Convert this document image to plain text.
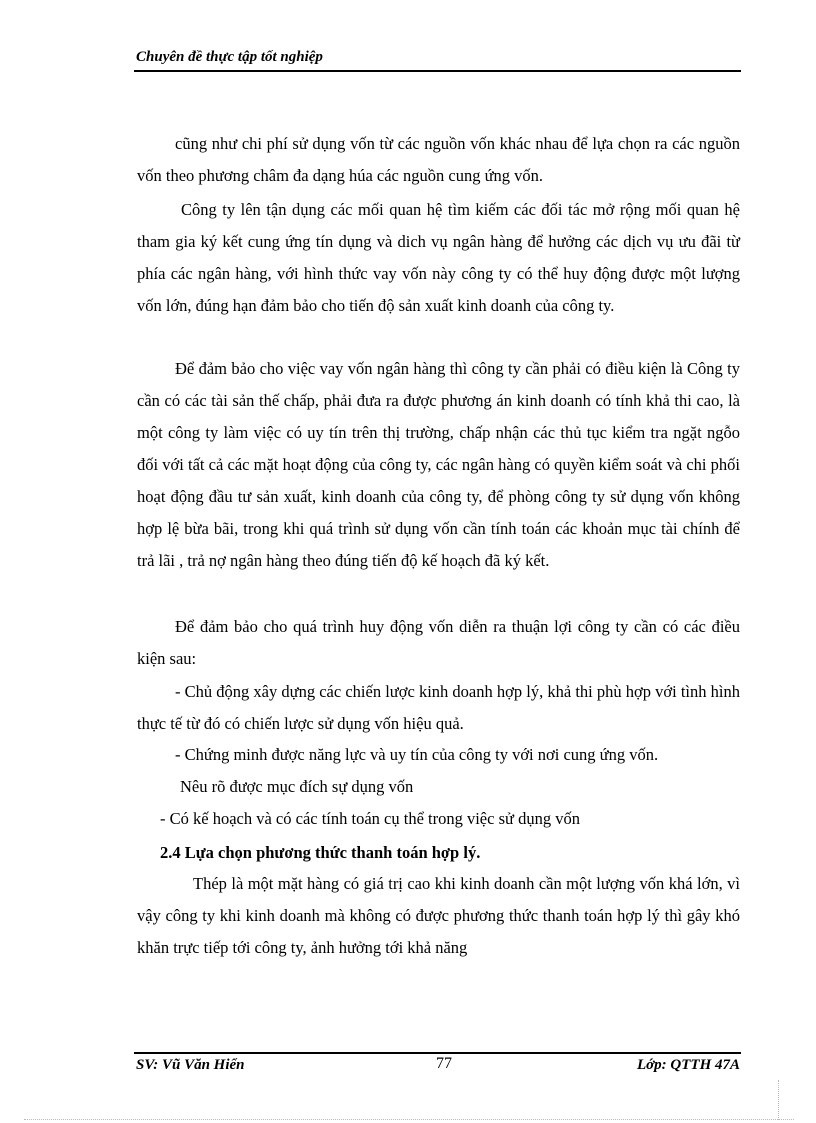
Chuyên đề thực tập tốt nghiệp

cũng như chi phí sử dụng vốn từ các nguồn vốn khác nhau để lựa chọn ra các nguồn vốn theo phương châm đa dạng húa các nguồn cung ứng vốn.

Công ty lên tận dụng các mối quan hệ tìm kiếm các đối tác mở rộng mối quan hệ tham gia ký kết cung ứng tín dụng và dich vụ ngân hàng để hưởng các dịch vụ ưu đãi từ phía các ngân hàng, với hình thức vay vốn này công ty có thể huy động được một lượng vốn lớn, đúng hạn đảm bảo cho tiến độ sản xuất kinh doanh của công ty.

Để đảm bảo cho việc vay vốn ngân hàng thì công ty cần phải có điều kiện là Công ty cần có các tài sản thế chấp, phải đưa ra được phương án kinh doanh có tính khả thi cao, là một công ty làm việc có uy tín trên thị trường, chấp nhận các thủ tục kiểm tra ngặt ngỗo đối với tất cả các mặt hoạt động của công ty, các ngân hàng có quyền kiểm soát và chi phối hoạt động đầu tư sản xuất, kinh doanh của công ty, để phòng công ty sử dụng vốn không hợp lệ bừa bãi, trong khi quá trình sử dụng vốn cần tính toán các khoản mục tài chính để trả lãi , trả nợ ngân hàng theo đúng tiến độ kế hoạch đã ký kết.

Để đảm bảo cho quá trình huy động vốn diễn ra thuận lợi công ty cần có các điều kiện sau:

- Chủ động xây dựng các chiến lược kinh doanh hợp lý, khả thi phù hợp với tình hình thực tế từ đó có chiến lược sử dụng vốn hiệu quả.

- Chứng minh được năng lực và uy tín của công ty với nơi cung ứng vốn.
Nêu rõ được mục đích sự dụng vốn
- Có kế hoạch và có các tính toán cụ thể trong việc sử dụng vốn
2.4 Lựa chọn phương thức thanh toán hợp lý.

Thép là một mặt hàng có giá trị cao khi kinh doanh cần một lượng vốn khá lớn, vì vậy công ty khi kinh doanh mà không có được phương thức thanh toán hợp lý thì gây khó khăn trực tiếp tới công ty, ảnh hưởng tới khả năng

SV: Vũ Văn Hiển	77	Lớp: QTTH 47A
